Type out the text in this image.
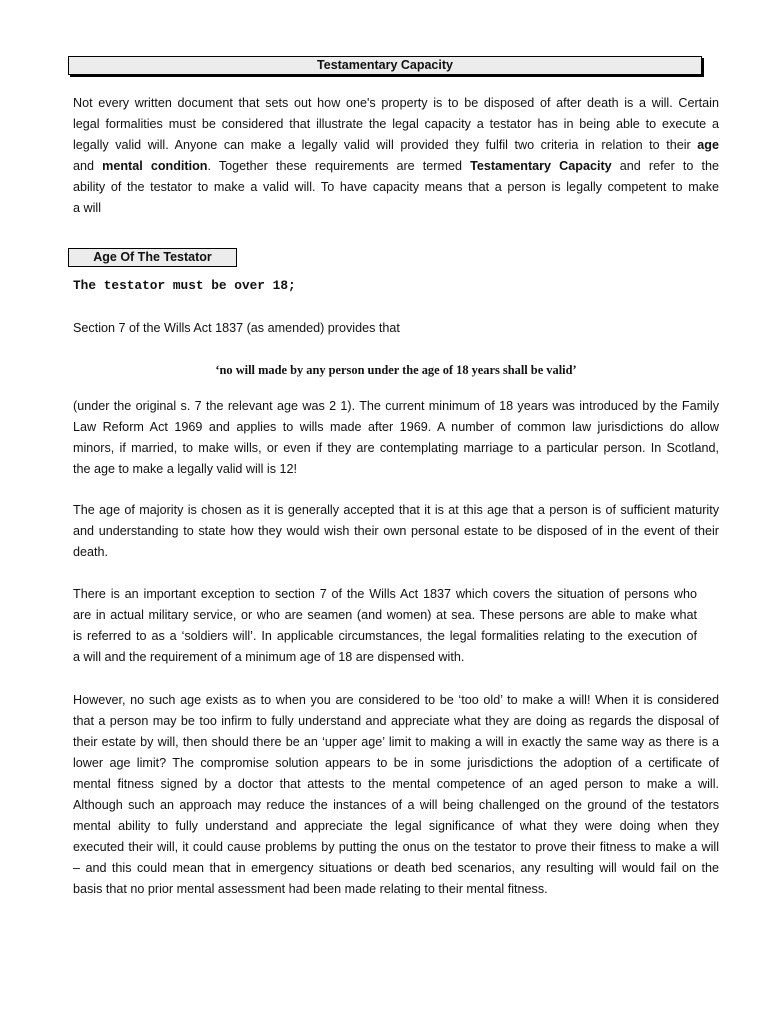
Testamentary Capacity
Not every written document that sets out how one's property is to be disposed of after death is a will. Certain
legal formalities must be considered that illustrate the legal capacity a testator has in being able to execute a
legally valid will. Anyone can make a legally valid will provided they fulfil two criteria in relation to their age
and mental condition. Together these requirements are termed Testamentary Capacity and refer to the
ability of the testator to make a valid will. To have capacity means that a person is legally competent to make
a will
Age Of The Testator
The testator must be over 18;
Section 7 of the Wills Act 1837 (as amended) provides that
‘no will made by any person under the age of 18 years shall be valid’
(under the original s. 7 the relevant age was 2 1). The current minimum of 18 years was introduced by the Family
Law Reform Act 1969 and applies to wills made after 1969. A number of common law jurisdictions do allow
minors, if married, to make wills, or even if they are contemplating marriage to a particular person. In Scotland,
the age to make a legally valid will is 12!
The age of majority is chosen as it is generally accepted that it is at this age that a person is of sufficient maturity
and understanding to state how they would wish their own personal estate to be disposed of in the event of their
death.
There is an important exception to section 7 of the Wills Act 1837 which covers the situation of persons who
are in actual military service, or who are seamen (and women) at sea. These persons are able to make what
is referred to as a ‘soldiers will’. In applicable circumstances, the legal formalities relating to the execution of
a will and the requirement of a minimum age of 18 are dispensed with.
However, no such age exists as to when you are considered to be ‘too old’ to make a will! When it is considered
that a person may be too infirm to fully understand and appreciate what they are doing as regards the disposal of
their estate by will, then should there be an ‘upper age’ limit to making a will in exactly the same way as there is a
lower age limit? The compromise solution appears to be in some jurisdictions the adoption of a certificate of
mental fitness signed by a doctor that attests to the mental competence of an aged person to make a will.
Although such an approach may reduce the instances of a will being challenged on the ground of the testators
mental ability to fully understand and appreciate the legal significance of what they were doing when they
executed their will, it could cause problems by putting the onus on the testator to prove their fitness to make a will
– and this could mean that in emergency situations or death bed scenarios, any resulting will would fail on the
basis that no prior mental assessment had been made relating to their mental fitness.
